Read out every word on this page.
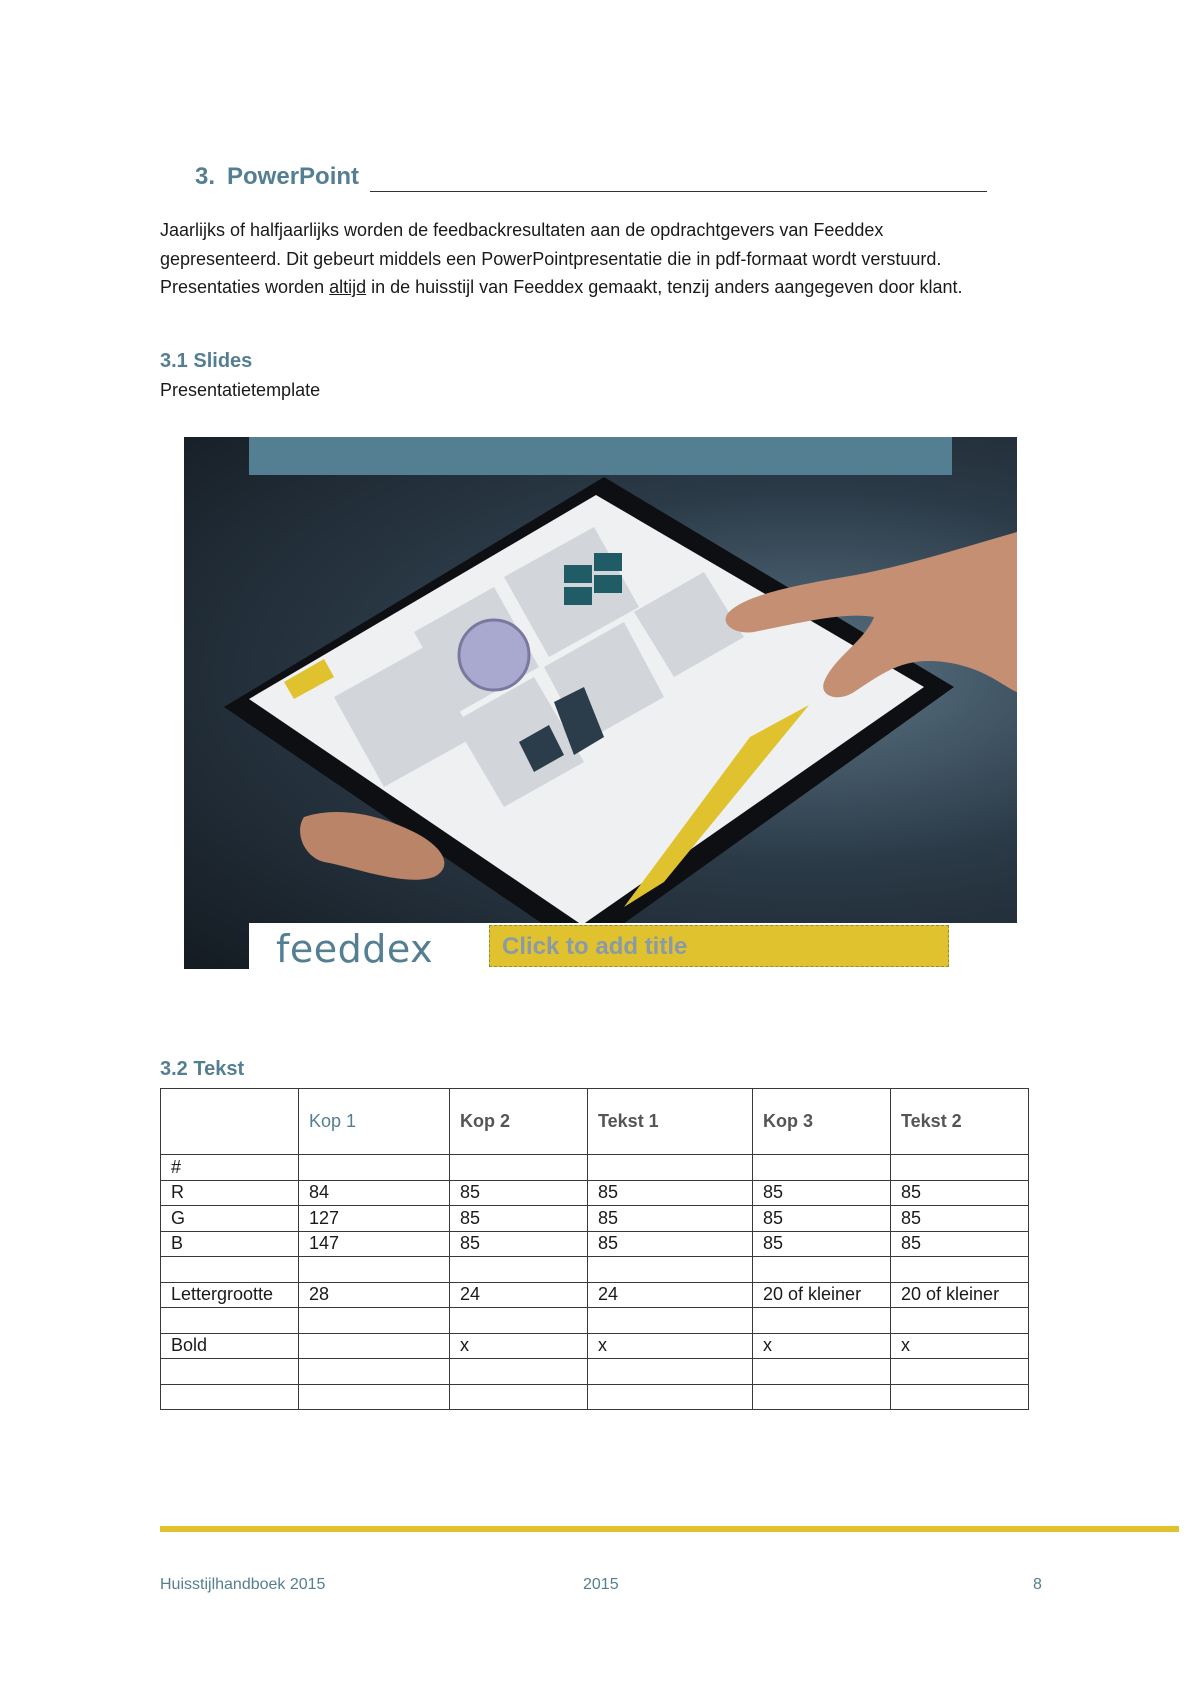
3. PowerPoint

Jaarlijks of halfjaarlijks worden de feedbackresultaten aan de opdrachtgevers van Feeddex

gepresenteerd. Dit gebeurt middels een PowerPointpresentatie die in pdf-formaat wordt verstuurd.

Presentaties worden altijd in de huisstijl van Feeddex gemaakt, tenzij anders aangegeven door klant.

3.1 Slides
Presentatietemplate
feeddex	Click to add title
3.2 Tekst
	Kop 1	Kop 2	Tekst 1	Kop 3	Tekst 2
#					
R	84	85	85	85	85
G	127	85	85	85	85
B	147	85	85	85	85

Lettergrootte	28	24	24	20 of kleiner	20 of kleiner

Bold		x	x	x	x

Huisstijlhandboek 2015	2015	8
